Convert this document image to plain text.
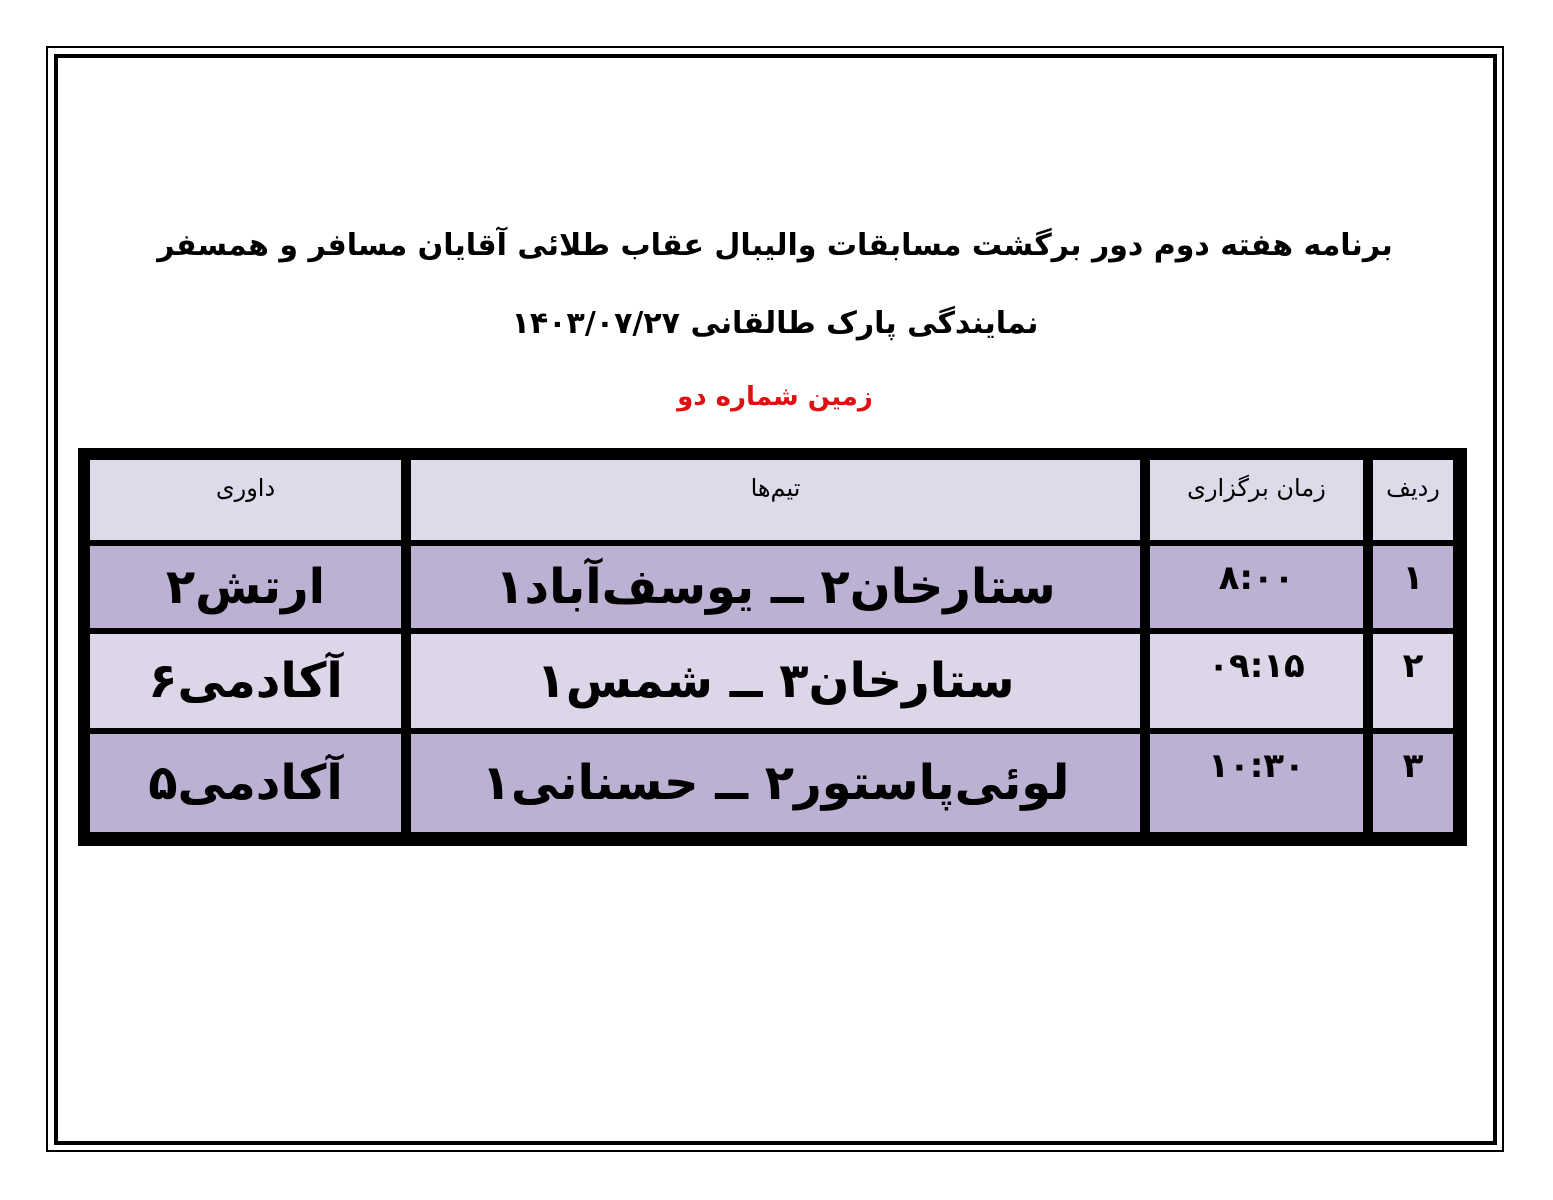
برنامه هفته دوم دور برگشت مسابقات والیبال عقاب طلائی آقایان مسافر و همسفر
نمایندگی پارک طالقانی ۱۴۰۳/۰۷/۲۷
زمین شماره دو
ردیف
زمان برگزاری
تیم‌ها
داوری
۱
۸:۰۰
ستارخان۲ ــ یوسف‌آباد۱
ارتش۲
۲
۰۹:۱۵
ستارخان۳ ــ شمس۱
آکادمی۶
۳
۱۰:۳۰
لوئی‌پاستور۲ ــ حسنانی۱
آکادمی۵
